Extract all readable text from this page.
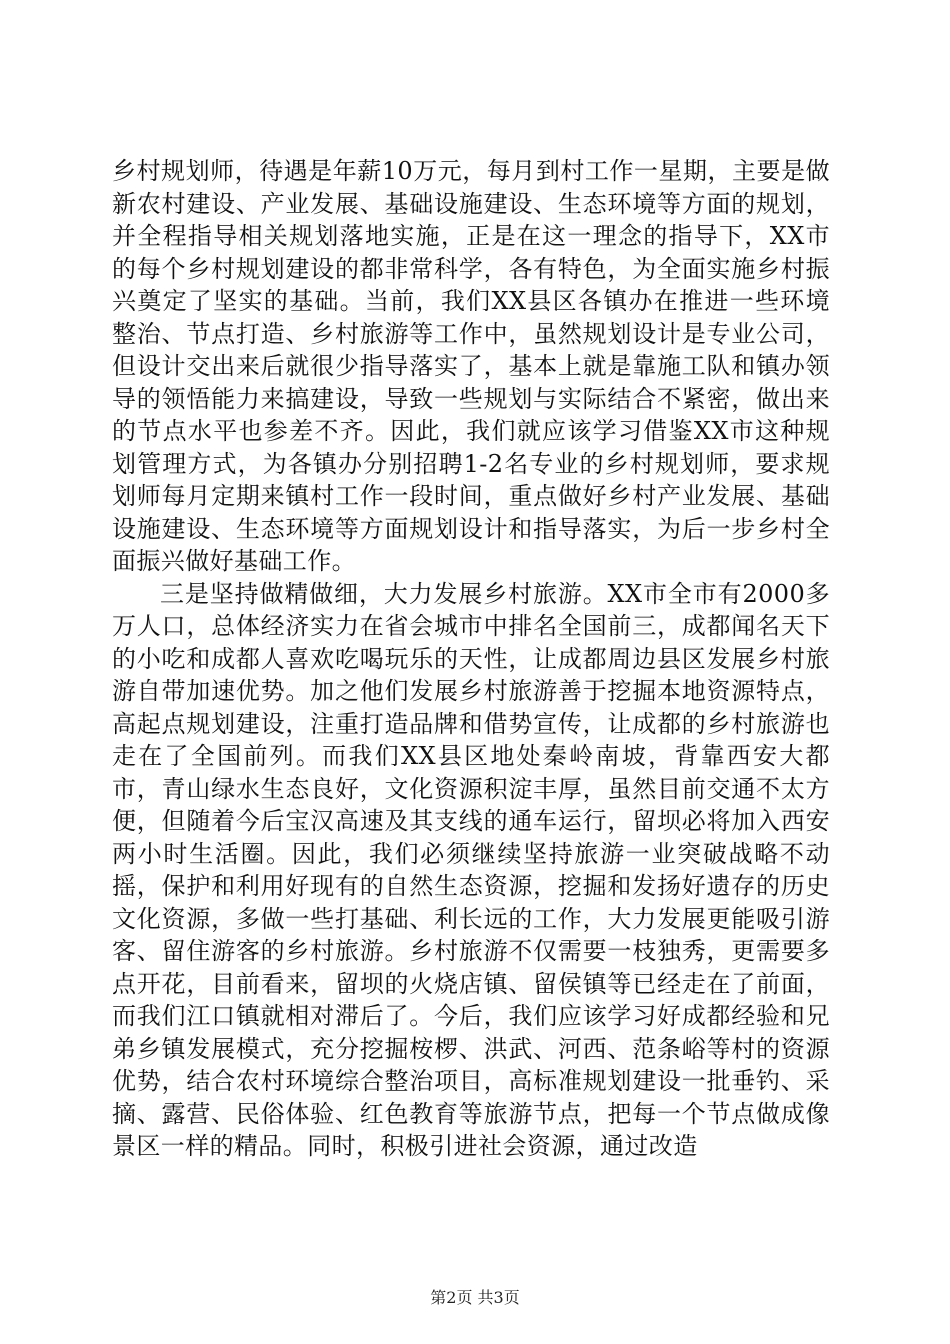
乡村规划师，待遇是年薪10万元，每月到村工作一星期，主要是做新农村建设、产业发展、基础设施建设、生态环境等方面的规划，并全程指导相关规划落地实施，正是在这一理念的指导下，XX市的每个乡村规划建设的都非常科学，各有特色，为全面实施乡村振兴奠定了坚实的基础。当前，我们XX县区各镇办在推进一些环境整治、节点打造、乡村旅游等工作中，虽然规划设计是专业公司，但设计交出来后就很少指导落实了，基本上就是靠施工队和镇办领导的领悟能力来搞建设，导致一些规划与实际结合不紧密，做出来的节点水平也参差不齐。因此，我们就应该学习借鉴XX市这种规划管理方式，为各镇办分别招聘1-2名专业的乡村规划师，要求规划师每月定期来镇村工作一段时间，重点做好乡村产业发展、基础设施建设、生态环境等方面规划设计和指导落实，为后一步乡村全面振兴做好基础工作。

三是坚持做精做细，大力发展乡村旅游。XX市全市有2000多万人口，总体经济实力在省会城市中排名全国前三，成都闻名天下的小吃和成都人喜欢吃喝玩乐的天性，让成都周边县区发展乡村旅游自带加速优势。加之他们发展乡村旅游善于挖掘本地资源特点，高起点规划建设，注重打造品牌和借势宣传，让成都的乡村旅游也走在了全国前列。而我们XX县区地处秦岭南坡，背靠西安大都市，青山绿水生态良好，文化资源积淀丰厚，虽然目前交通不太方便，但随着今后宝汉高速及其支线的通车运行，留坝必将加入西安两小时生活圈。因此，我们必须继续坚持旅游一业突破战略不动摇，保护和利用好现有的自然生态资源，挖掘和发扬好遗存的历史文化资源，多做一些打基础、利长远的工作，大力发展更能吸引游客、留住游客的乡村旅游。乡村旅游不仅需要一枝独秀，更需要多点开花，目前看来，留坝的火烧店镇、留侯镇等已经走在了前面，而我们江口镇就相对滞后了。今后，我们应该学习好成都经验和兄弟乡镇发展模式，充分挖掘桉椤、洪武、河西、范条峪等村的资源优势，结合农村环境综合整治项目，高标准规划建设一批垂钓、采摘、露营、民俗体验、红色教育等旅游节点，把每一个节点做成像景区一样的精品。同时，积极引进社会资源，通过改造

第2页 共3页
